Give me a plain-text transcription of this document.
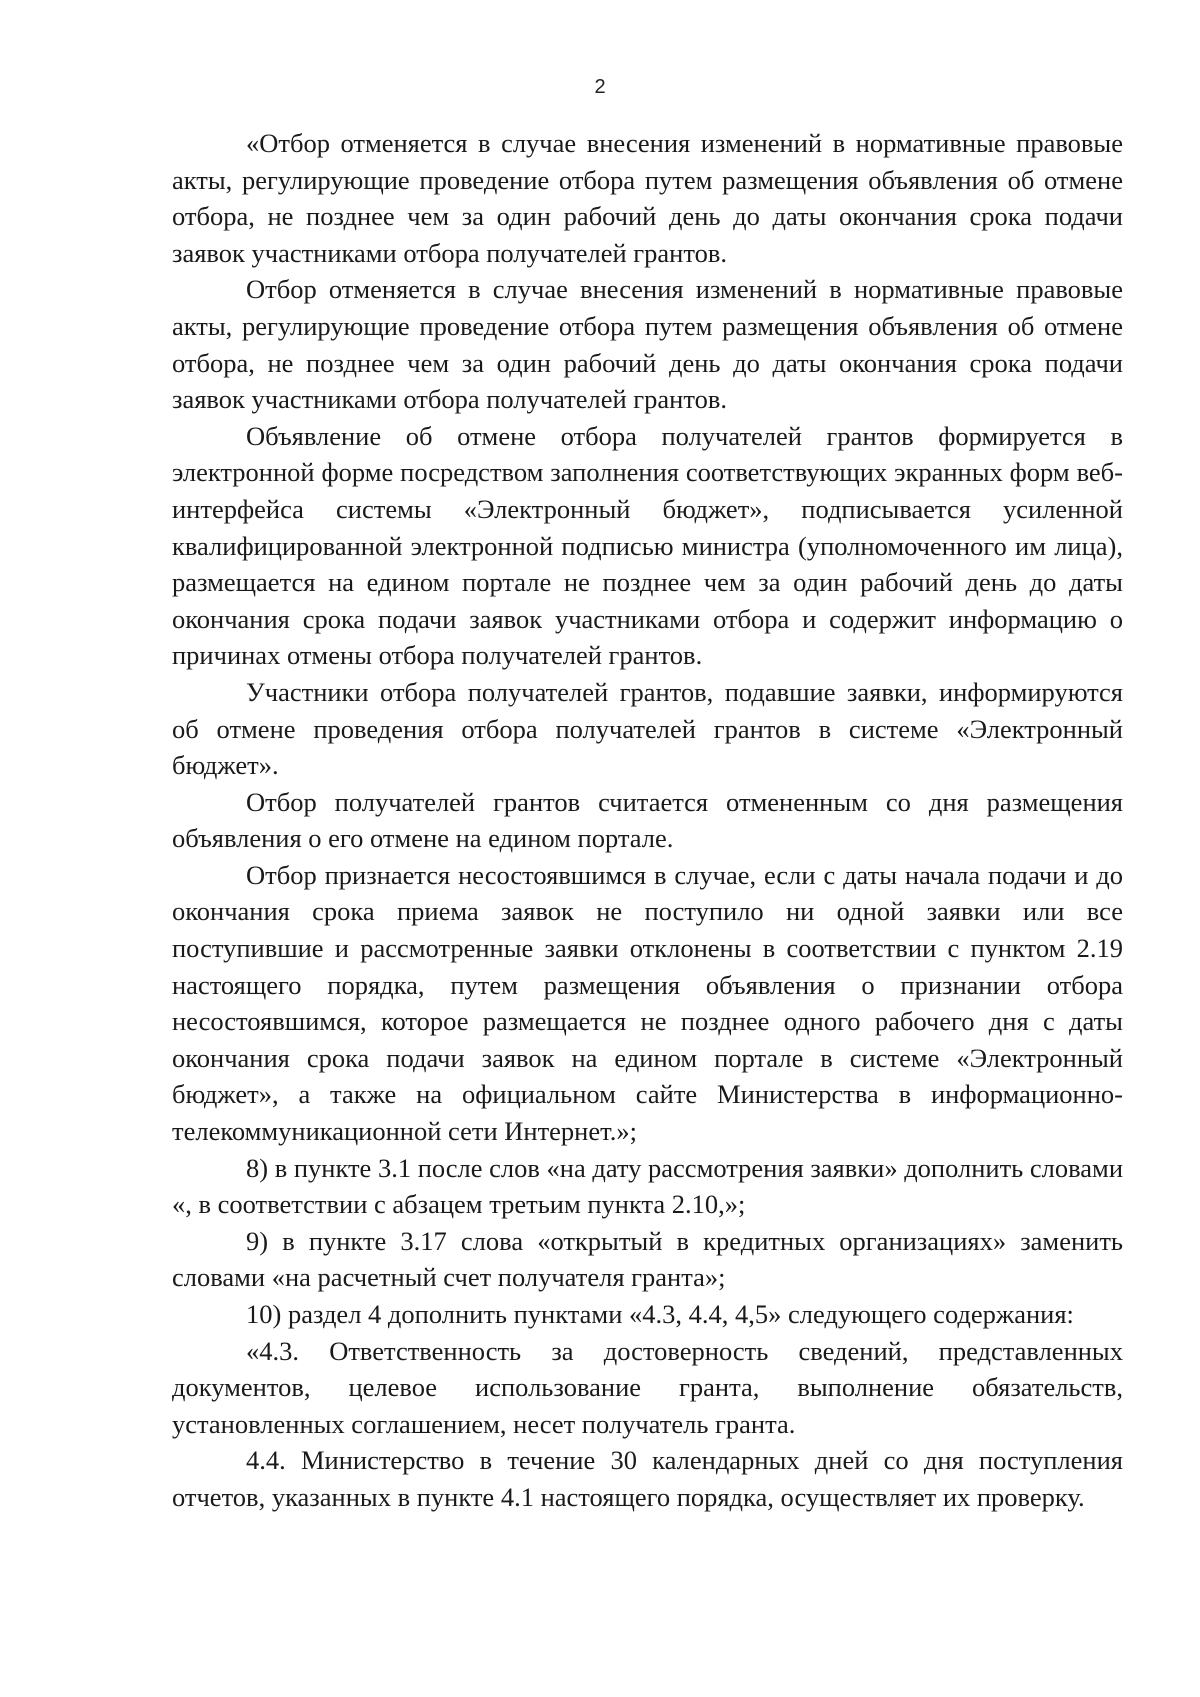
2

«Отбор отменяется в случае внесения изменений в нормативные правовые акты, регулирующие проведение отбора путем размещения объявления об отмене отбора, не позднее чем за один рабочий день до даты окончания срока подачи заявок участниками отбора получателей грантов.

Отбор отменяется в случае внесения изменений в нормативные правовые акты, регулирующие проведение отбора путем размещения объявления об отмене отбора, не позднее чем за один рабочий день до даты окончания срока подачи заявок участниками отбора получателей грантов.

Объявление об отмене отбора получателей грантов формируется в электронной форме посредством заполнения соответствующих экранных форм веб-интерфейса системы «Электронный бюджет», подписывается усиленной квалифицированной электронной подписью министра (уполномоченного им лица), размещается на едином портале не позднее чем за один рабочий день до даты окончания срока подачи заявок участниками отбора и содержит информацию о причинах отмены отбора получателей грантов.

Участники отбора получателей грантов, подавшие заявки, информируются об отмене проведения отбора получателей грантов в системе «Электронный бюджет».

Отбор получателей грантов считается отмененным со дня размещения объявления о его отмене на едином портале.

Отбор признается несостоявшимся в случае, если с даты начала подачи и до окончания срока приема заявок не поступило ни одной заявки или все поступившие и рассмотренные заявки отклонены в соответствии с пунктом 2.19 настоящего порядка, путем размещения объявления о признании отбора несостоявшимся, которое размещается не позднее одного рабочего дня с даты окончания срока подачи заявок на едином портале в системе «Электронный бюджет», а также на официальном сайте Министерства в информационно-телекоммуникационной сети Интернет.»;

8) в пункте 3.1 после слов «на дату рассмотрения заявки» дополнить словами «, в соответствии с абзацем третьим пункта 2.10,»;

9) в пункте 3.17 слова «открытый в кредитных организациях» заменить словами «на расчетный счет получателя гранта»;

10) раздел 4 дополнить пунктами «4.3, 4.4, 4,5» следующего содержания:

«4.3. Ответственность за достоверность сведений, представленных документов, целевое использование гранта, выполнение обязательств, установленных соглашением, несет получатель гранта.

4.4. Министерство в течение 30 календарных дней со дня поступления отчетов, указанных в пункте 4.1 настоящего порядка, осуществляет их проверку.
